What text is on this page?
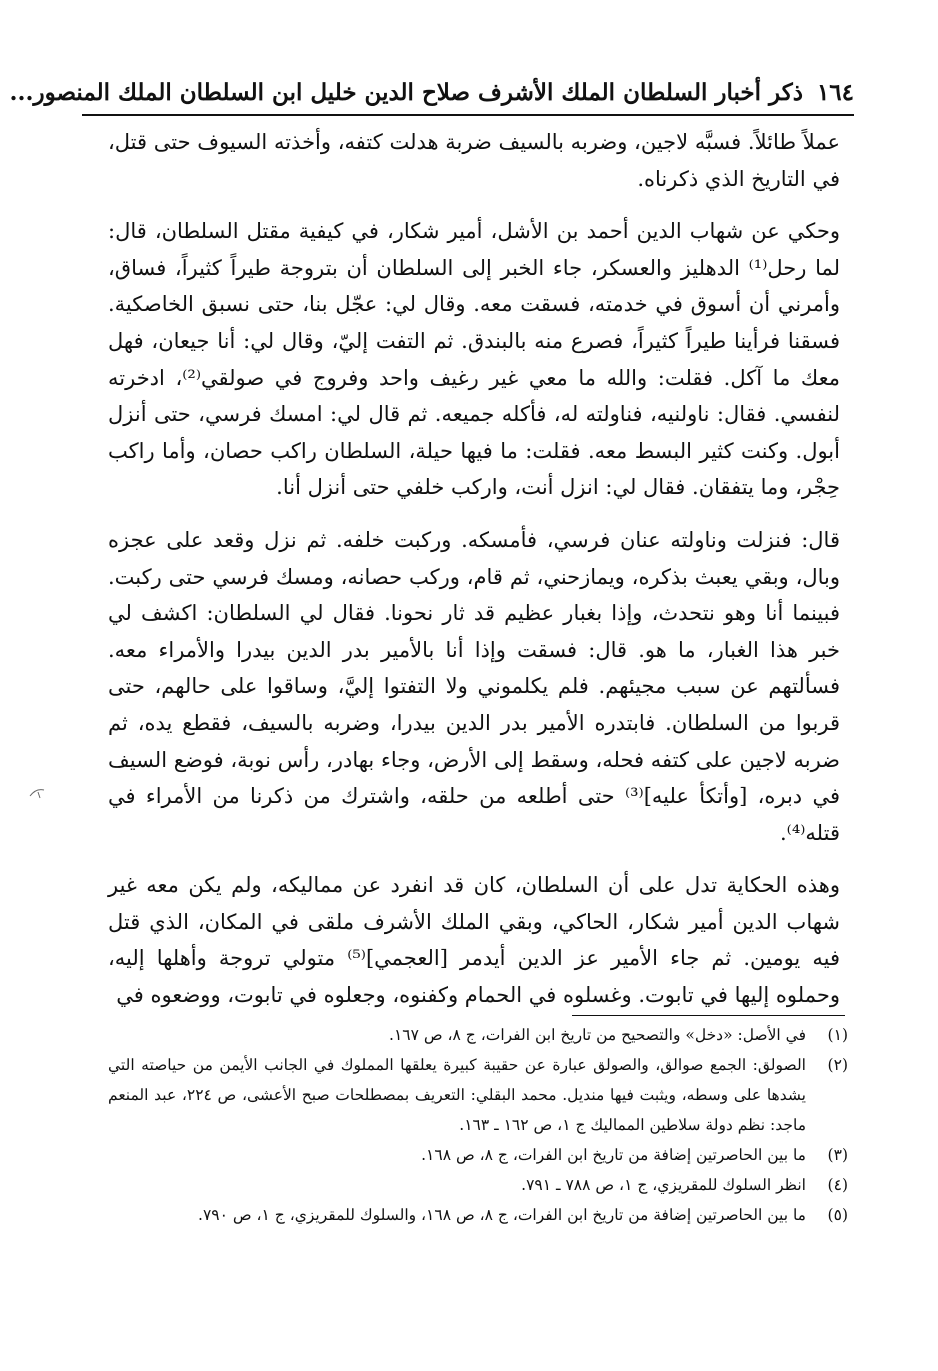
١٦٤
ذكر أخبار السلطان الملك الأشرف صلاح الدين خليل ابن السلطان الملك المنصور...

عملاً طائلاً. فسبَّه لاجين، وضربه بالسيف ضربة هدلت كتفه، وأخذته السيوف حتى قتل، في التاريخ الذي ذكرناه.

وحكي عن شهاب الدين أحمد بن الأشل، أمير شكار، في كيفية مقتل السلطان، قال: لما رحل⁽¹⁾ الدهليز والعسكر، جاء الخبر إلى السلطان أن بتروجة طيراً كثيراً، فساق، وأمرني أن أسوق في خدمته، فسقت معه. وقال لي: عجّل بنا، حتى نسبق الخاصكية. فسقنا فرأينا طيراً كثيراً، فصرع منه بالبندق. ثم التفت إليّ، وقال لي: أنا جيعان، فهل معك ما آكل. فقلت: والله ما معي غير رغيف واحد وفروج في صولقي⁽²⁾، ادخرته لنفسي. فقال: ناولنيه، فناولته له، فأكله جميعه. ثم قال لي: امسك فرسي، حتى أنزل أبول. وكنت كثير البسط معه. فقلت: ما فيها حيلة، السلطان راكب حصان، وأما راكب حِجْر، وما يتفقان. فقال لي: انزل أنت، واركب خلفي حتى أنزل أنا.

قال: فنزلت وناولته عنان فرسي، فأمسكه. وركبت خلفه. ثم نزل وقعد على عجزه وبال، وبقي يعبث بذكره، ويمازحني، ثم قام، وركب حصانه، ومسك فرسي حتى ركبت. فبينما أنا وهو نتحدث، وإذا بغبار عظيم قد ثار نحونا. فقال لي السلطان: اكشف لي خبر هذا الغبار، ما هو. قال: فسقت وإذا أنا بالأمير بدر الدين بيدرا والأمراء معه. فسألتهم عن سبب مجيئهم. فلم يكلموني ولا التفتوا إليَّ، وساقوا على حالهم، حتى قربوا من السلطان. فابتدره الأمير بدر الدين بيدرا، وضربه بالسيف، فقطع يده، ثم ضربه لاجين على كتفه فحله، وسقط إلى الأرض، وجاء بهادر، رأس نوبة، فوضع السيف في دبره، [وأتكأ عليه]⁽³⁾ حتى أطلعه من حلقه، واشترك من ذكرنا من الأمراء في قتله⁽⁴⁾.

وهذه الحكاية تدل على أن السلطان، كان قد انفرد عن مماليكه، ولم يكن معه غير شهاب الدين أمير شكار، الحاكي، وبقي الملك الأشرف ملقى في المكان، الذي قتل فيه يومين. ثم جاء الأمير عز الدين أيدمر [العجمي]⁽⁵⁾ متولي تروجة وأهلها إليه، وحملوه إليها في تابوت. وغسلوه في الحمام وكفنوه، وجعلوه في تابوت، ووضعوه في

(١)
في الأصل: «دخل» والتصحيح من تاريخ ابن الفرات، ج ٨، ص ١٦٧.
(٢)
الصولق: الجمع صوالق، والصولق عبارة عن حقيبة كبيرة يعلقها المملوك في الجانب الأيمن من حياصته التي يشدها على وسطه، ويثبت فيها منديل. محمد البقلي: التعريف بمصطلحات صبح الأعشى، ص ٢٢٤، عبد المنعم ماجد: نظم دولة سلاطين المماليك ج ١، ص ١٦٢ ـ ١٦٣.
(٣)
ما بين الحاصرتين إضافة من تاريخ ابن الفرات، ج ٨، ص ١٦٨.
(٤)
انظر السلوك للمقريزي، ج ١، ص ٧٨٨ ـ ٧٩١.
(٥)
ما بين الحاصرتين إضافة من تاريخ ابن الفرات، ج ٨، ص ١٦٨، والسلوك للمقريزي، ج ١، ص ٧٩٠.
